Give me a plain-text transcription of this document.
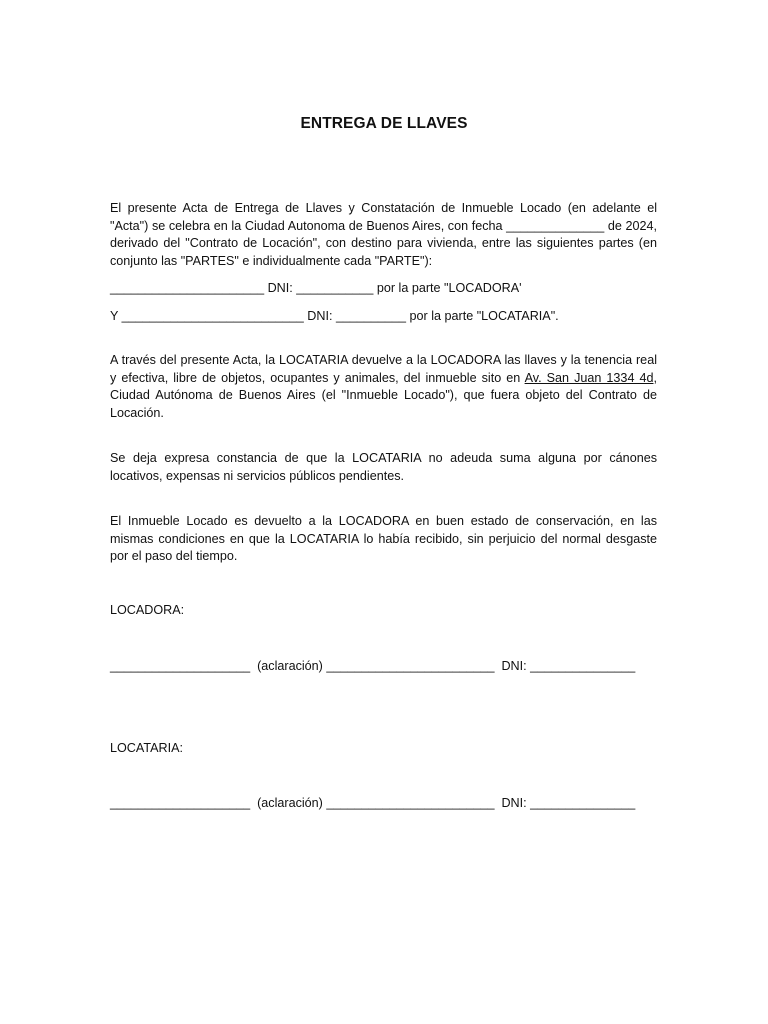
ENTREGA DE LLAVES
El presente Acta de Entrega de Llaves y Constatación de Inmueble Locado (en adelante el "Acta") se celebra en la Ciudad Autonoma de Buenos Aires, con fecha ______________ de 2024, derivado del "Contrato de Locación", con destino para vivienda, entre las siguientes partes (en conjunto las "PARTES" e individualmente cada "PARTE"):
______________________ DNI: ___________ por la parte "LOCADORA'
Y __________________________ DNI: __________ por la parte "LOCATARIA".
A través del presente Acta, la LOCATARIA devuelve a la LOCADORA las llaves y la tenencia real y efectiva, libre de objetos, ocupantes y animales, del inmueble sito en Av. San Juan 1334 4d, Ciudad Autónoma de Buenos Aires (el "Inmueble Locado"), que fuera objeto del Contrato de Locación.
Se deja expresa constancia de que la LOCATARIA no adeuda suma alguna por cánones locativos, expensas ni servicios públicos pendientes.
El Inmueble Locado es devuelto a la LOCADORA en buen estado de conservación, en las mismas condiciones en que la LOCATARIA lo había recibido, sin perjuicio del normal desgaste por el paso del tiempo.
LOCADORA:
____________________  (aclaración) ________________________  DNI: _______________
LOCATARIA:
____________________  (aclaración) ________________________  DNI: _______________
